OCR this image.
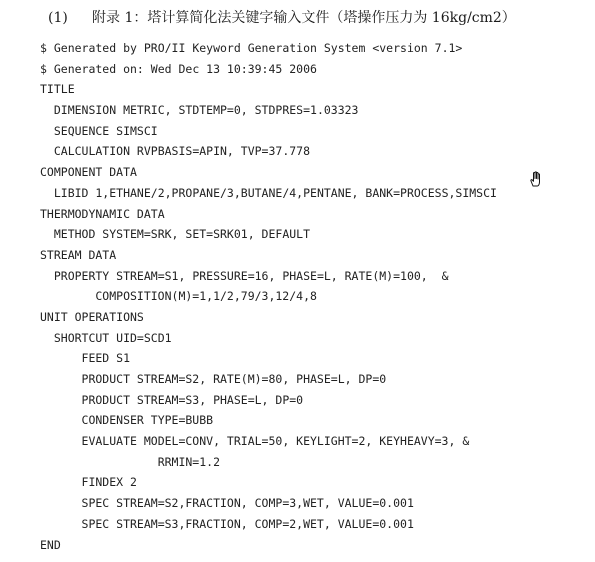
(1) 附录 1：塔计算简化法关键字输入文件（塔操作压力为 16kg/cm2）
$ Generated by PRO/II Keyword Generation System <version 7.1>
$ Generated on: Wed Dec 13 10:39:45 2006
TITLE
DIMENSION METRIC, STDTEMP=0, STDPRES=1.03323
SEQUENCE SIMSCI
CALCULATION RVPBASIS=APIN, TVP=37.778
COMPONENT DATA
LIBID 1,ETHANE/2,PROPANE/3,BUTANE/4,PENTANE, BANK=PROCESS,SIMSCI
THERMODYNAMIC DATA
METHOD SYSTEM=SRK, SET=SRK01, DEFAULT
STREAM DATA
PROPERTY STREAM=S1, PRESSURE=16, PHASE=L, RATE(M)=100,  &
COMPOSITION(M)=1,1/2,79/3,12/4,8
UNIT OPERATIONS
SHORTCUT UID=SCD1
FEED S1
PRODUCT STREAM=S2, RATE(M)=80, PHASE=L, DP=0
PRODUCT STREAM=S3, PHASE=L, DP=0
CONDENSER TYPE=BUBB
EVALUATE MODEL=CONV, TRIAL=50, KEYLIGHT=2, KEYHEAVY=3, &
RRMIN=1.2
FINDEX 2
SPEC STREAM=S2,FRACTION, COMP=3,WET, VALUE=0.001
SPEC STREAM=S3,FRACTION, COMP=2,WET, VALUE=0.001
END
